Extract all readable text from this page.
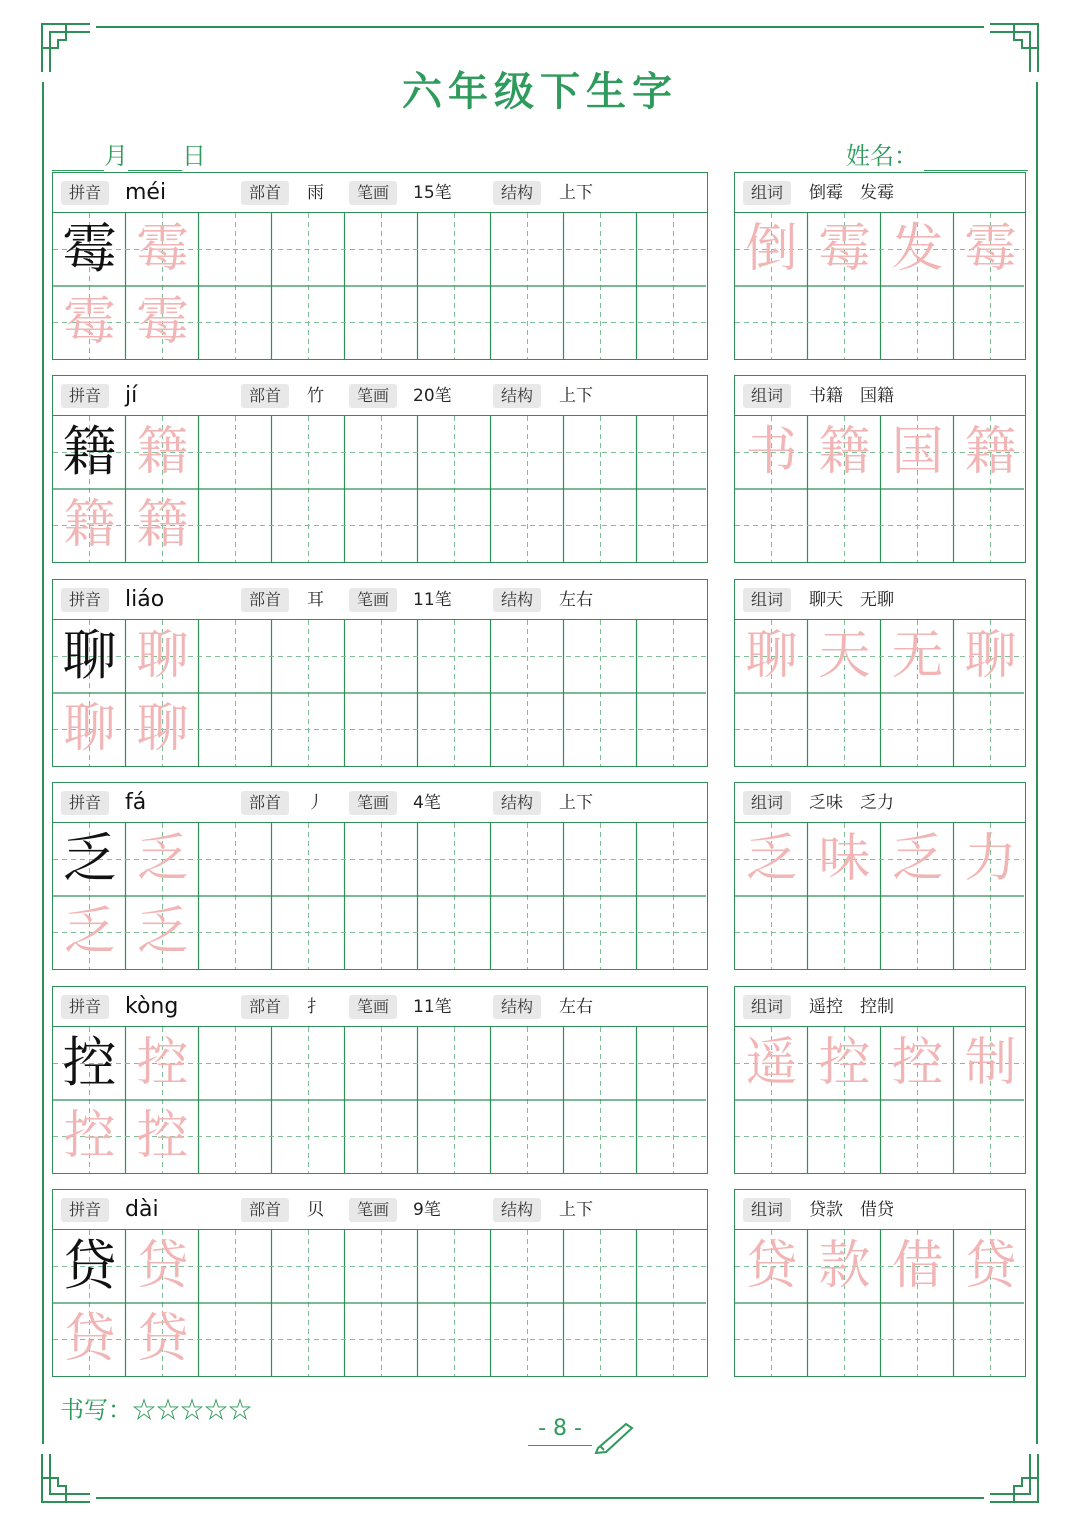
六年级下生字
月 日	姓名：
拼音	méi	部首	雨	笔画	15笔	结构	上下
霉 霉
霉 霉
组词	倒霉　发霉
倒 霉 发 霉
拼音	jí	部首	竹	笔画	20笔	结构	上下
籍 籍
籍 籍
组词	书籍　国籍
书 籍 国 籍
拼音	liáo	部首	耳	笔画	11笔	结构	左右
聊 聊
聊 聊
组词	聊天　无聊
聊 天 无 聊
拼音	fá	部首	丿	笔画	4笔	结构	上下
乏 乏
乏 乏
组词	乏味　乏力
乏 味 乏 力
拼音	kòng	部首	扌	笔画	11笔	结构	左右
控 控
控 控
组词	遥控　控制
遥 控 控 制
拼音	dài	部首	贝	笔画	9笔	结构	上下
贷 贷
贷 贷
组词	贷款　借贷
贷 款 借 贷
书写：☆☆☆☆☆
- 8 -
